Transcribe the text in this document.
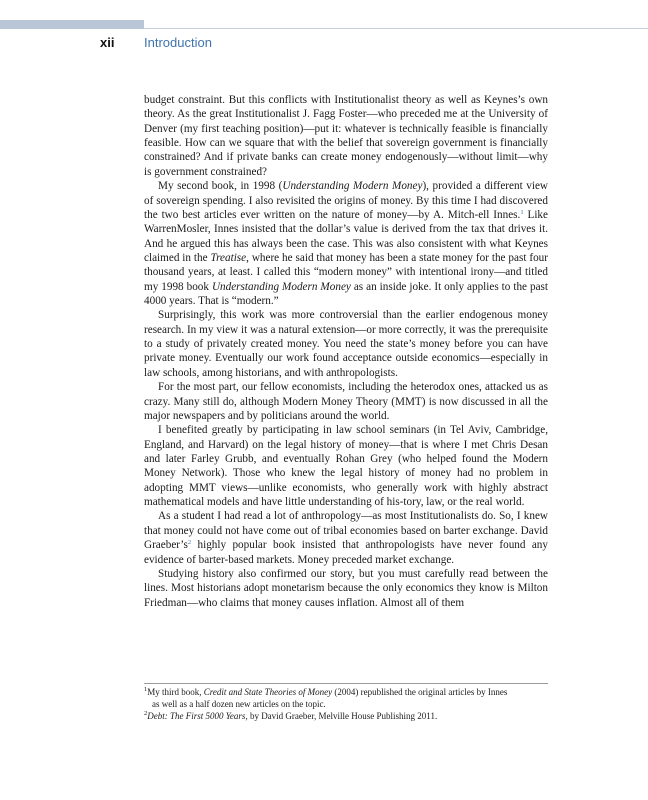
xii Introduction

budget constraint. But this conflicts with Institutionalist theory as well as Keynes’s own theory. As the great Institutionalist J. Fagg Foster—who preceded me at the University of Denver (my first teaching position)—put it: whatever is technically feasible is financially feasible. How can we square that with the belief that sovereign government is financially constrained? And if private banks can create money endogenously—without limit—why is government constrained?

My second book, in 1998 (Understanding Modern Money), provided a different view of sovereign spending. I also revisited the origins of money. By this time I had discovered the two best articles ever written on the nature of money—by A. Mitch-ell Innes.$^1$ Like WarrenMosler, Innes insisted that the dollar’s value is derived from the tax that drives it. And he argued this has always been the case. This was also consistent with what Keynes claimed in the Treatise, where he said that money has been a state money for the past four thousand years, at least. I called this “modern money” with intentional irony—and titled my 1998 book Understanding Modern Money as an inside joke. It only applies to the past 4000 years. That is “modern.”

Surprisingly, this work was more controversial than the earlier endogenous money research. In my view it was a natural extension—or more correctly, it was the prerequisite to a study of privately created money. You need the state’s money before you can have private money. Eventually our work found acceptance outside economics—especially in law schools, among historians, and with anthropologists.

For the most part, our fellow economists, including the heterodox ones, attacked us as crazy. Many still do, although Modern Money Theory (MMT) is now discussed in all the major newspapers and by politicians around the world.

I benefited greatly by participating in law school seminars (in Tel Aviv, Cambridge, England, and Harvard) on the legal history of money—that is where I met Chris Desan and later Farley Grubb, and eventually Rohan Grey (who helped found the Modern Money Network). Those who knew the legal history of money had no problem in adopting MMT views—unlike economists, who generally work with highly abstract mathematical models and have little understanding of his-tory, law, or the real world.

As a student I had read a lot of anthropology—as most Institutionalists do. So, I knew that money could not have come out of tribal economies based on barter exchange. David Graeber’s$^2$ highly popular book insisted that anthropologists have never found any evidence of barter-based markets. Money preceded market exchange.

Studying history also confirmed our story, but you must carefully read between the lines. Most historians adopt monetarism because the only economics they know is Milton Friedman—who claims that money causes inflation. Almost all of them

$^1$My third book, Credit and State Theories of Money (2004) republished the original articles by Innes

as well as a half dozen new articles on the topic.

$^2$Debt: The First 5000 Years, by David Graeber, Melville House Publishing 2011.
